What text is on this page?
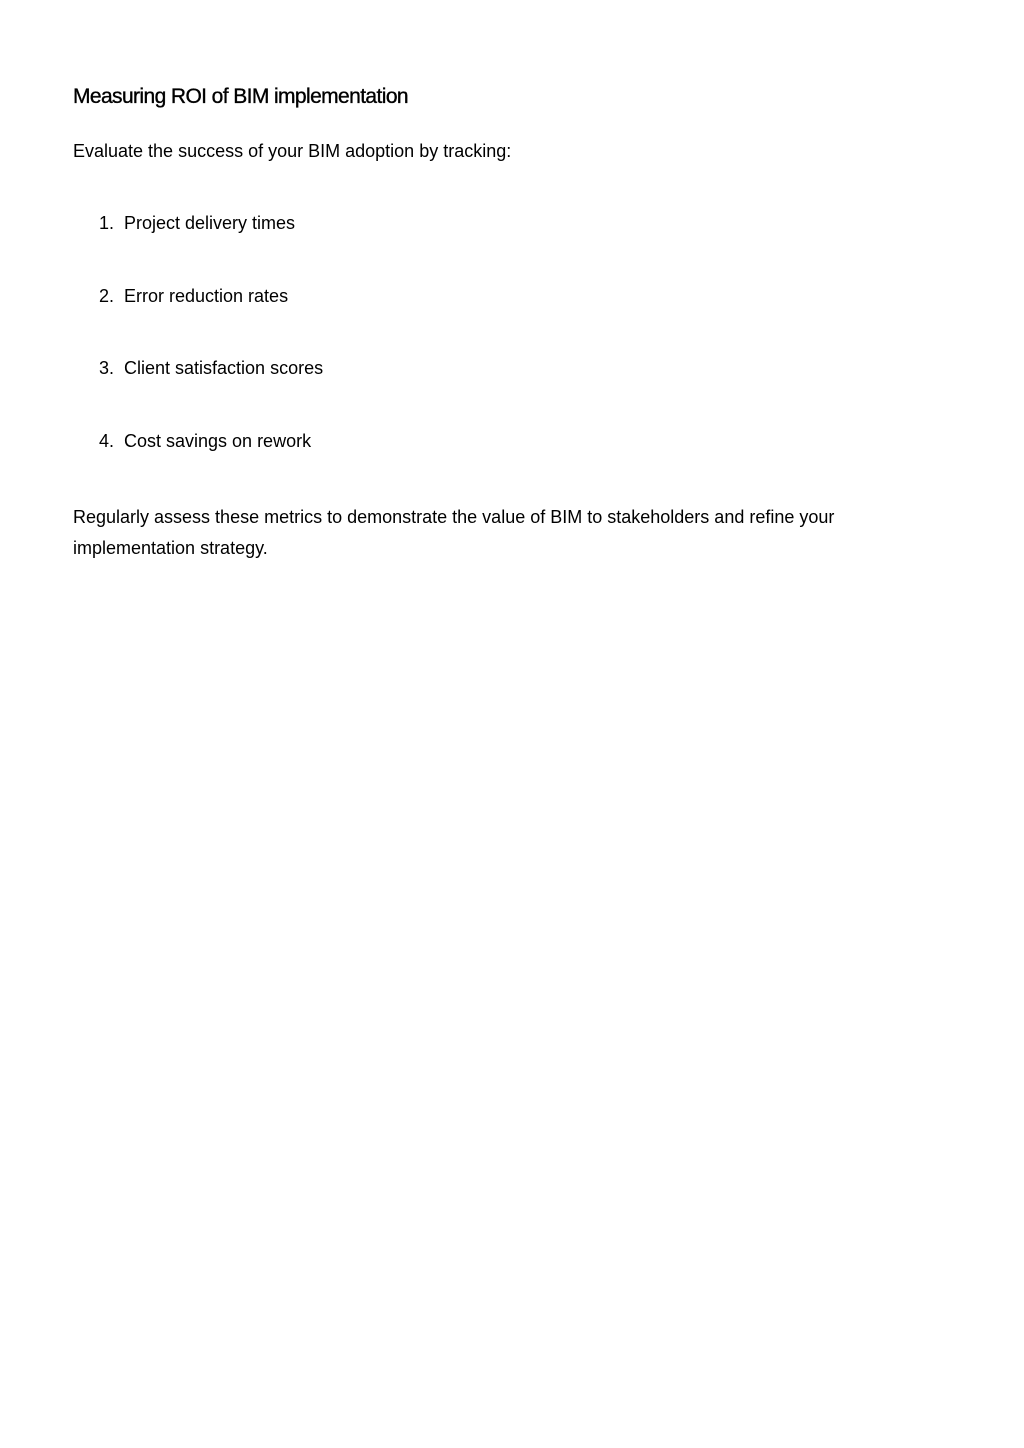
Measuring ROI of BIM implementation

Evaluate the success of your BIM adoption by tracking:

1. Project delivery times
2. Error reduction rates
3. Client satisfaction scores
4. Cost savings on rework

Regularly assess these metrics to demonstrate the value of BIM to stakeholders and refine your implementation strategy.
